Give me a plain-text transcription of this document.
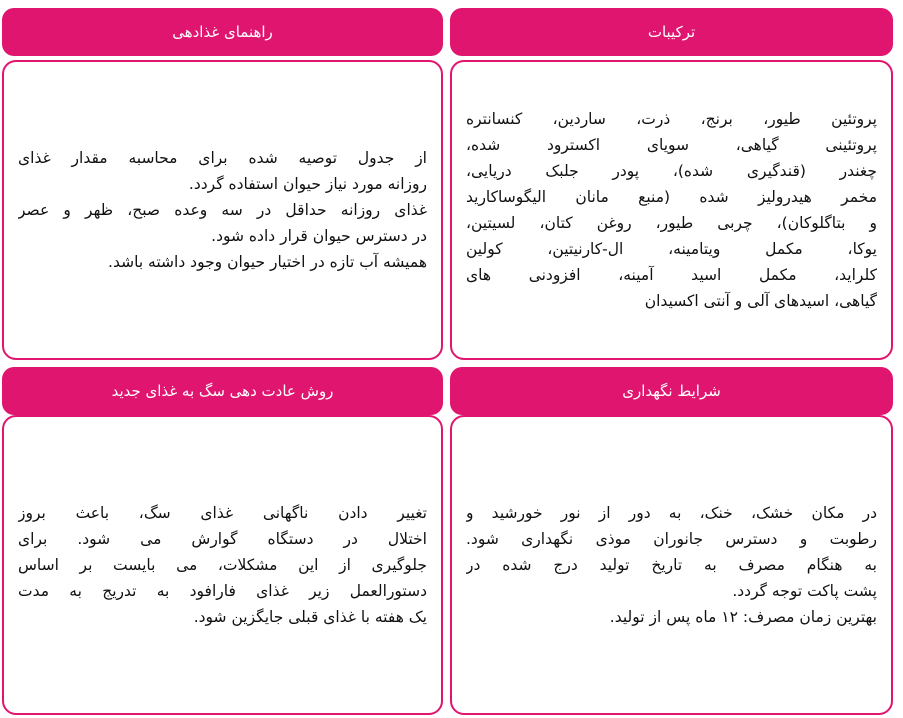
ترکیبات
پروتئین طیور، برنج، ذرت، ساردین، کنسانتره
پروتئینی گیاهی، سویای اکسترود شده،
چغندر (قندگیری شده)، پودر جلبک دریایی،
مخمر هیدرولیز شده (منبع مانان الیگوساکارید
و بتاگلوکان)، چربی طیور، روغن کتان، لسیتین،
یوکا، مکمل ویتامینه، ال-کارنیتین، کولین
کلراید، مکمل اسید آمینه، افزودنی های
گیاهی، اسیدهای آلی و آنتی اکسیدان
راهنمای غذادهی
از جدول توصیه شده برای محاسبه مقدار غذای
روزانه مورد نیاز حیوان استفاده گردد.
غذای روزانه حداقل در سه وعده صبح، ظهر و عصر
در دسترس حیوان قرار داده شود.
همیشه آب تازه در اختیار حیوان وجود داشته باشد.
شرایط نگهداری
در مکان خشک، خنک، به دور از نور خورشید و
رطوبت و دسترس جانوران موذی نگهداری شود.
به هنگام مصرف به تاریخ تولید درج شده در
پشت پاکت توجه گردد.
بهترین زمان مصرف: ۱۲ ماه پس از تولید.
روش عادت دهی سگ به غذای جدید
تغییر دادن ناگهانی غذای سگ، باعث بروز
اختلال در دستگاه گوارش می شود. برای
جلوگیری از این مشکلات، می بایست بر اساس
دستورالعمل زیر غذای فارافود به تدریج به مدت
یک هفته با غذای قبلی جایگزین شود.
